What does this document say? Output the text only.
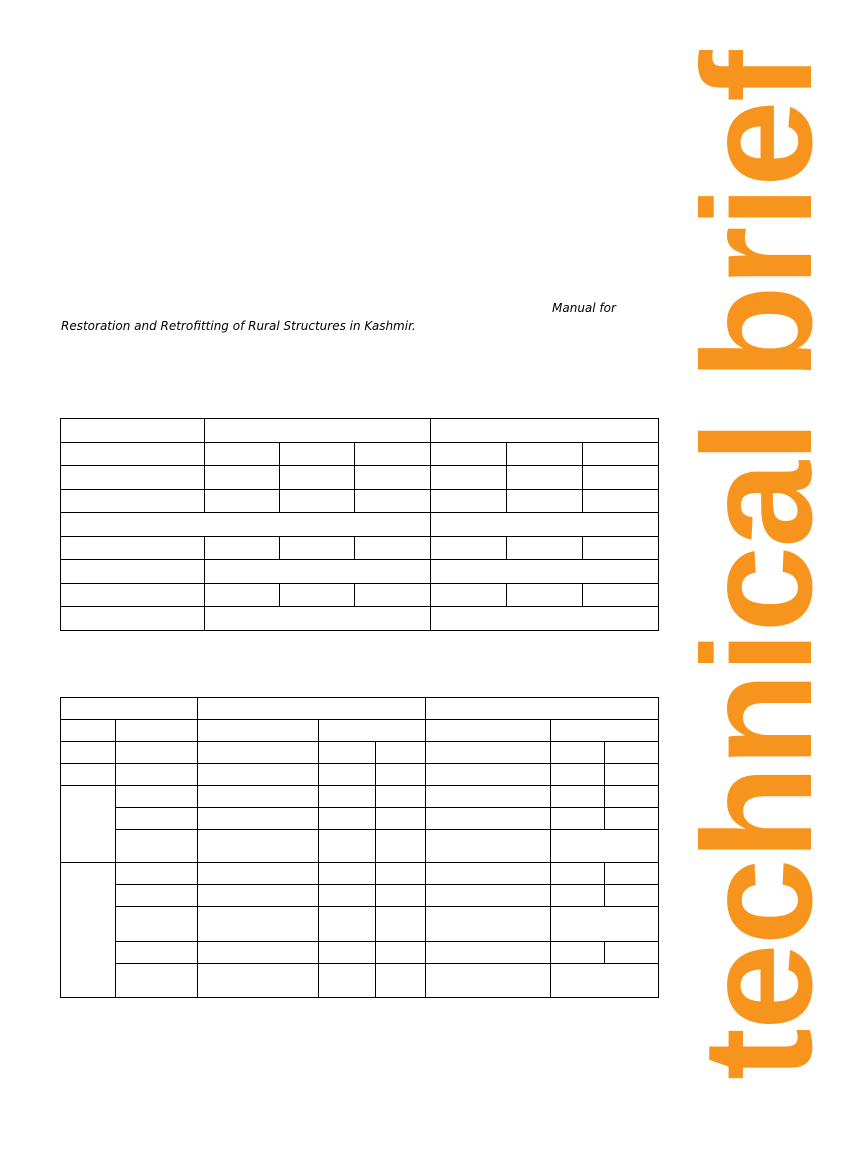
Manual for

Restoration and Retrofitting of Rural Structures in Kashmir.

					technical brief
